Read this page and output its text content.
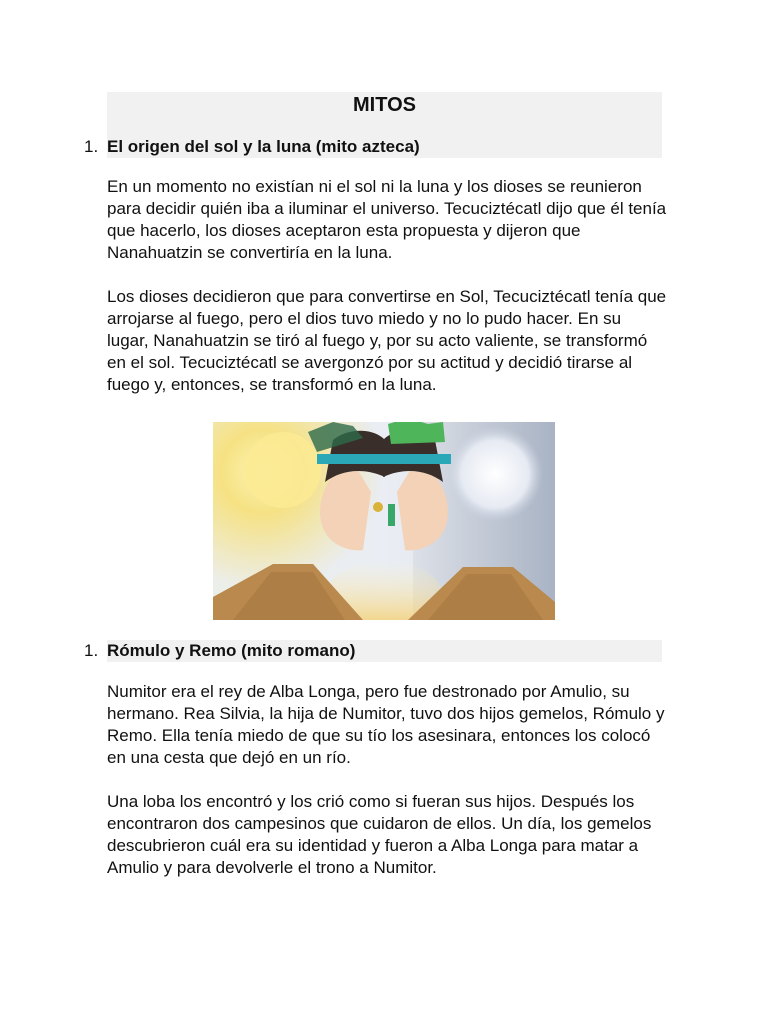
MITOS
1. El origen del sol y la luna (mito azteca)

En un momento no existían ni el sol ni la luna y los dioses se reunieron para decidir quién iba a iluminar el universo. Tecuciztécatl dijo que él tenía que hacerlo, los dioses aceptaron esta propuesta y dijeron que Nanahuatzin se convertiría en la luna.

Los dioses decidieron que para convertirse en Sol, Tecuciztécatl tenía que arrojarse al fuego, pero el dios tuvo miedo y no lo pudo hacer. En su lugar, Nanahuatzin se tiró al fuego y, por su acto valiente, se transformó en el sol. Tecuciztécatl se avergonzó por su actitud y decidió tirarse al fuego y, entonces, se transformó en la luna.

1. Rómulo y Remo (mito romano)

Numitor era el rey de Alba Longa, pero fue destronado por Amulio, su hermano. Rea Silvia, la hija de Numitor, tuvo dos hijos gemelos, Rómulo y Remo. Ella tenía miedo de que su tío los asesinara, entonces los colocó en una cesta que dejó en un río.

Una loba los encontró y los crió como si fueran sus hijos. Después los encontraron dos campesinos que cuidaron de ellos. Un día, los gemelos descubrieron cuál era su identidad y fueron a Alba Longa para matar a Amulio y para devolverle el trono a Numitor.
